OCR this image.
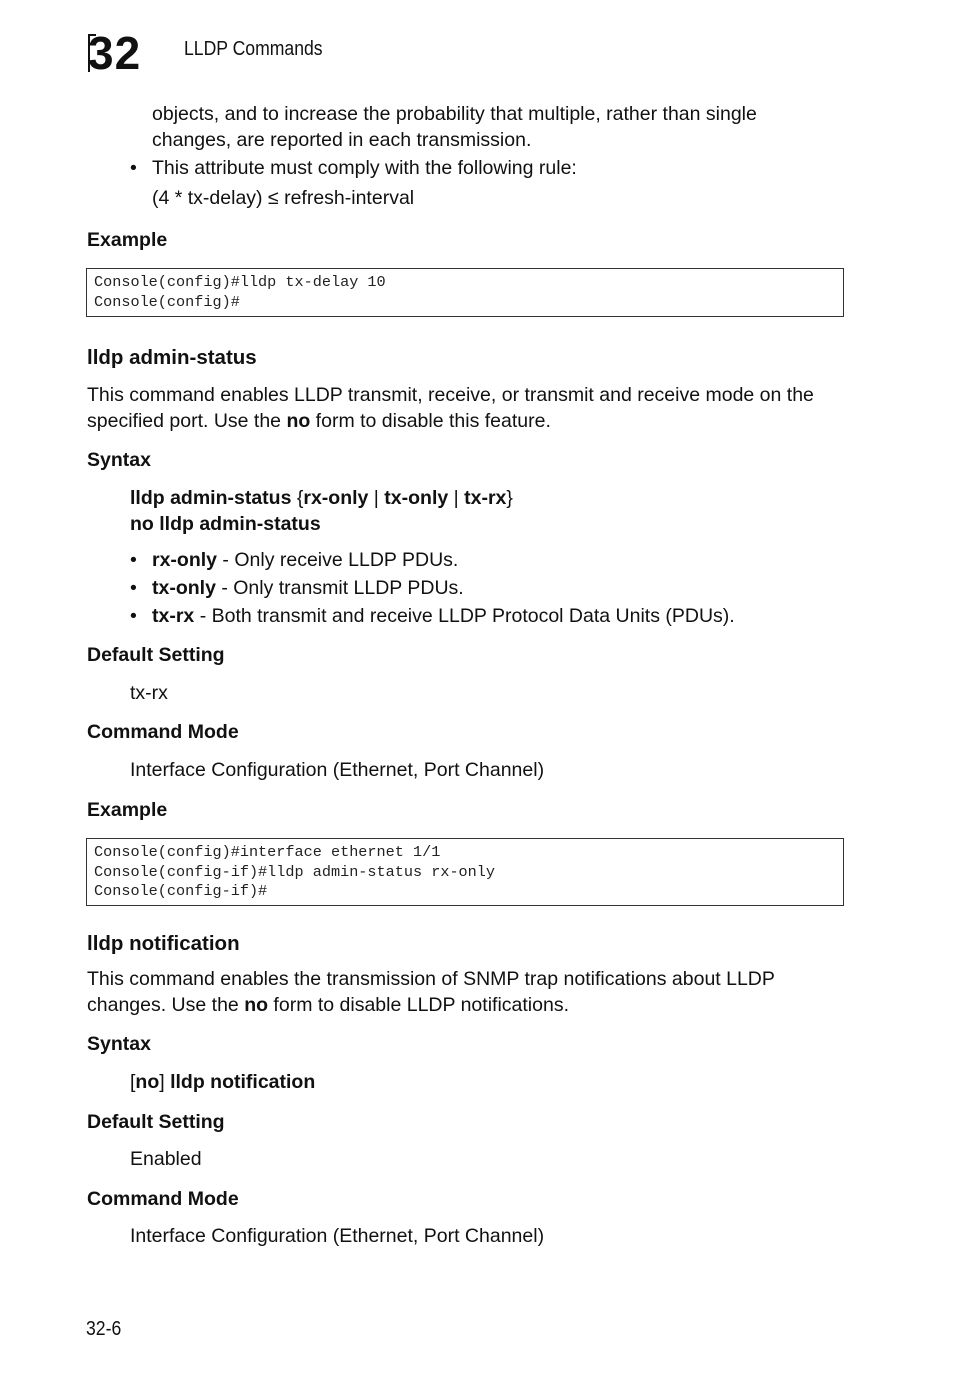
32 LLDP Commands
objects, and to increase the probability that multiple, rather than single
changes, are reported in each transmission.
• This attribute must comply with the following rule:
(4 * tx-delay) ≤ refresh-interval
Example
Console(config)#lldp tx-delay 10
Console(config)#
lldp admin-status
This command enables LLDP transmit, receive, or transmit and receive mode on the
specified port. Use the no form to disable this feature.
Syntax
lldp admin-status {rx-only | tx-only | tx-rx}
no lldp admin-status
• rx-only - Only receive LLDP PDUs.
• tx-only - Only transmit LLDP PDUs.
• tx-rx - Both transmit and receive LLDP Protocol Data Units (PDUs).
Default Setting
tx-rx
Command Mode
Interface Configuration (Ethernet, Port Channel)
Example
Console(config)#interface ethernet 1/1
Console(config-if)#lldp admin-status rx-only
Console(config-if)#
lldp notification
This command enables the transmission of SNMP trap notifications about LLDP
changes. Use the no form to disable LLDP notifications.
Syntax
[no] lldp notification
Default Setting
Enabled
Command Mode
Interface Configuration (Ethernet, Port Channel)
32-6
